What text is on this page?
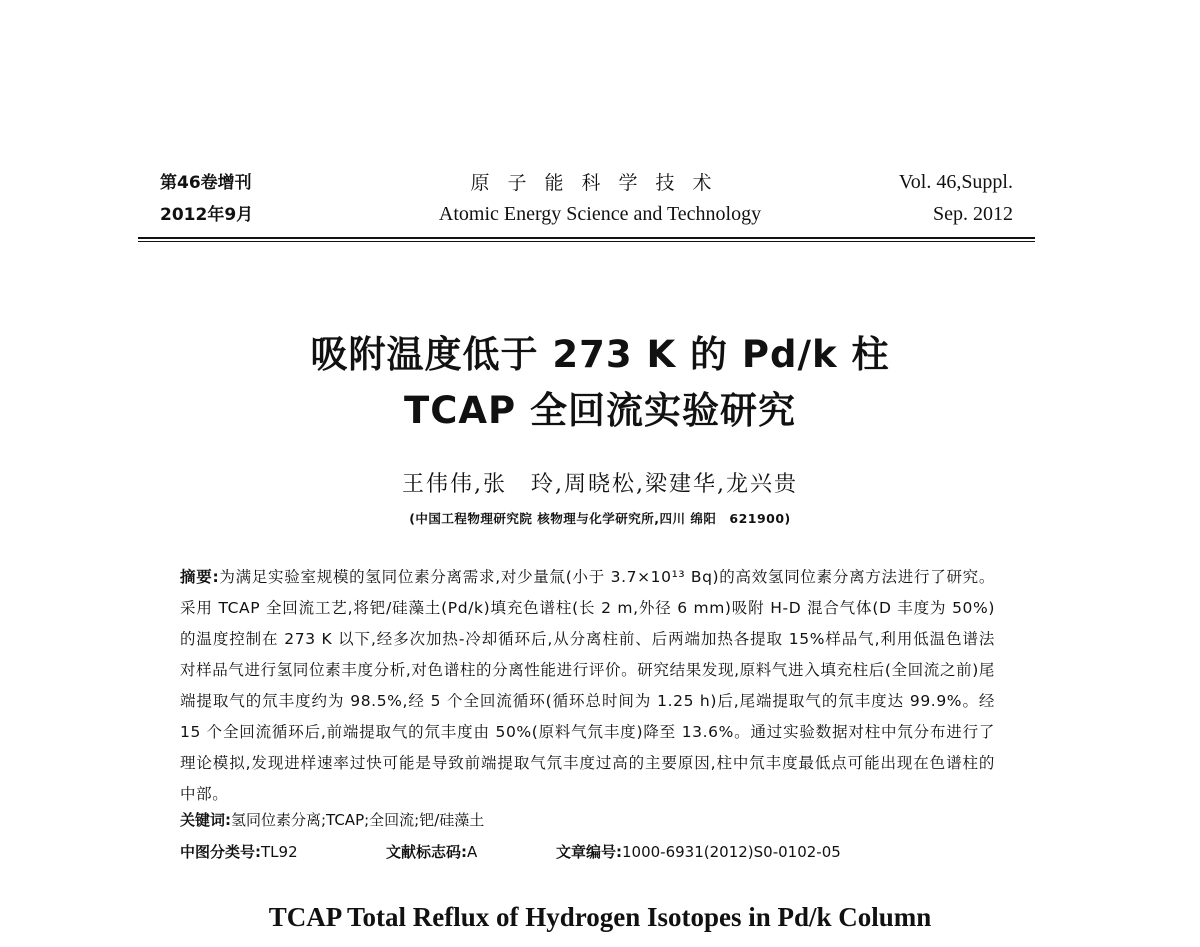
第46卷增刊
2012年9月
原子能科学技术
Atomic Energy Science and Technology
Vol. 46,Suppl.
Sep. 2012
吸附温度低于 273 K 的 Pd/k 柱
TCAP 全回流实验研究
王伟伟,张　玲,周晓松,梁建华,龙兴贵
(中国工程物理研究院 核物理与化学研究所,四川 绵阳　621900)
摘要:为满足实验室规模的氢同位素分离需求,对少量氚(小于 3.7×10¹³ Bq)的高效氢同位素分离方法进行了研究。采用 TCAP 全回流工艺,将钯/硅藻土(Pd/k)填充色谱柱(长 2 m,外径 6 mm)吸附 H-D 混合气体(D 丰度为 50%)的温度控制在 273 K 以下,经多次加热-冷却循环后,从分离柱前、后两端加热各提取 15%样品气,利用低温色谱法对样品气进行氢同位素丰度分析,对色谱柱的分离性能进行评价。研究结果发现,原料气进入填充柱后(全回流之前)尾端提取气的氘丰度约为 98.5%,经 5 个全回流循环(循环总时间为 1.25 h)后,尾端提取气的氘丰度达 99.9%。经 15 个全回流循环后,前端提取气的氘丰度由 50%(原料气氘丰度)降至 13.6%。通过实验数据对柱中氘分布进行了理论模拟,发现进样速率过快可能是导致前端提取气氘丰度过高的主要原因,柱中氘丰度最低点可能出现在色谱柱的中部。
关键词:氢同位素分离;TCAP;全回流;钯/硅藻土
中图分类号:TL92	文献标志码:A	文章编号:1000-6931(2012)S0-0102-05
TCAP Total Reflux of Hydrogen Isotopes in Pd/k Column
